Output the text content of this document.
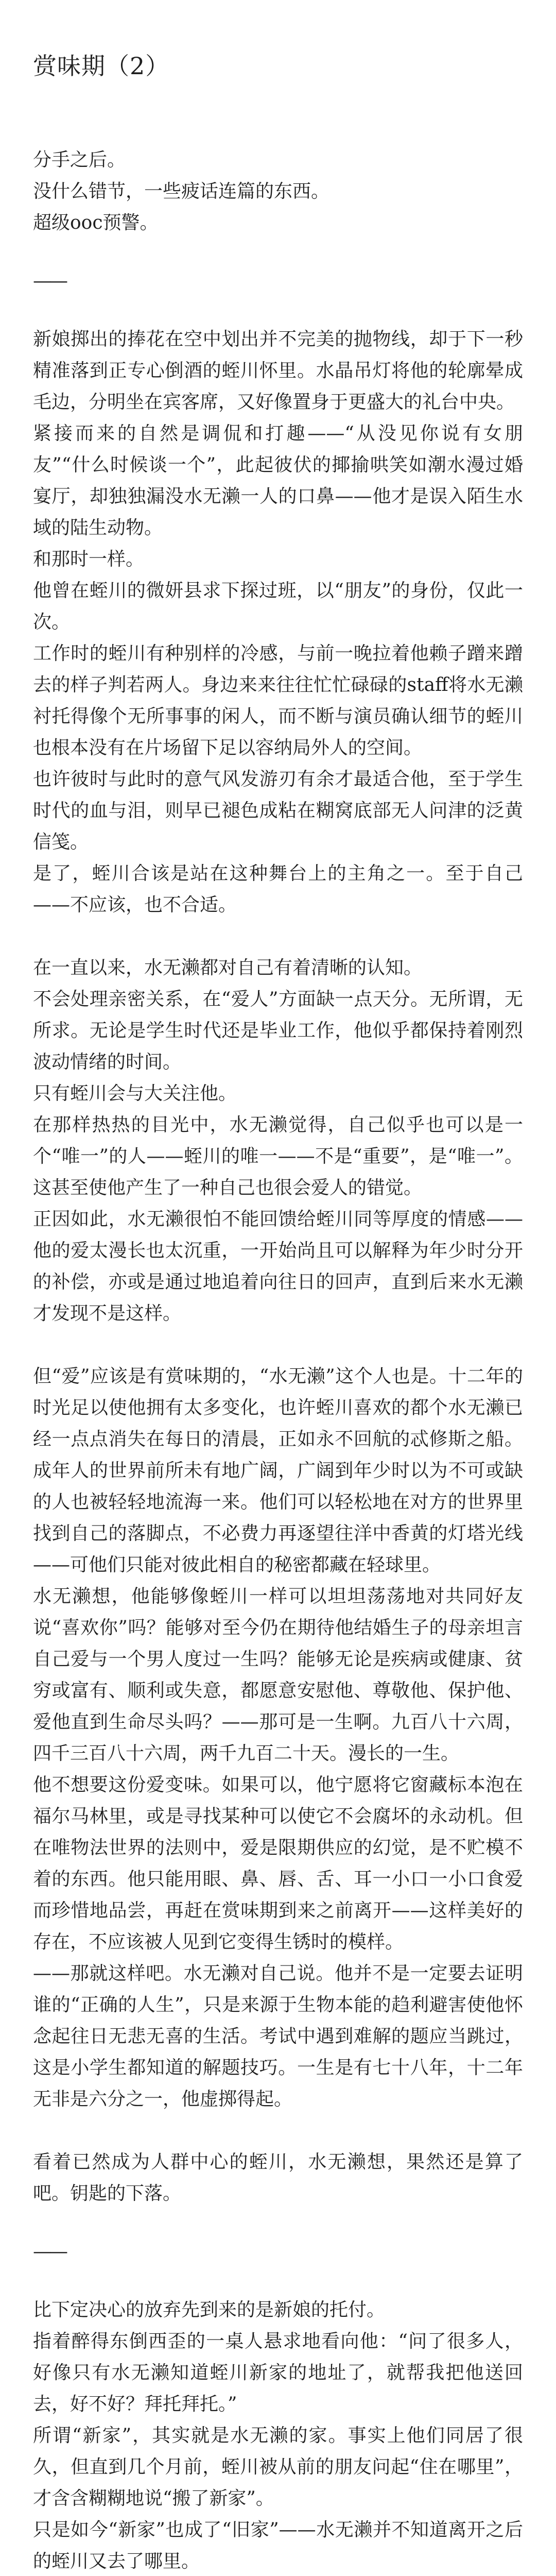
赏味期（2）

分手之后。

没什么错节，一些疲话连篇的东西。

超级ooc预警。

——

新娘掷出的捧花在空中划出并不完美的抛物线，却于下一秒精准落到正专心倒酒的蛭川怀里。水晶吊灯将他的轮廓晕成毛边，分明坐在宾客席，又好像置身于更盛大的礼台中央。

紧接而来的自然是调侃和打趣——“从没见你说有女朋友”“什么时候谈一个”，此起彼伏的揶揄哄笑如潮水漫过婚宴厅，却独独漏没水无濑一人的口鼻——他才是误入陌生水域的陆生动物。

和那时一样。

他曾在蛭川的微妍县求下探过班，以“朋友”的身份，仅此一次。

工作时的蛭川有种别样的冷感，与前一晚拉着他赖子蹭来蹭去的样子判若两人。身边来来往往忙忙碌碌的staff将水无濑衬托得像个无所事事的闲人，而不断与演员确认细节的蛭川也根本没有在片场留下足以容纳局外人的空间。

也许彼时与此时的意气风发游刃有余才最适合他，至于学生时代的血与泪，则早已褪色成粘在糊窝底部无人问津的泛黄信笺。

是了，蛭川合该是站在这种舞台上的主角之一。至于自己——不应该，也不合适。

在一直以来，水无濑都对自己有着清晰的认知。

不会处理亲密关系，在“爱人”方面缺一点天分。无所谓，无所求。无论是学生时代还是毕业工作，他似乎都保持着刚烈波动情绪的时间。

只有蛭川会与大关注他。

在那样热热的目光中，水无濑觉得，自己似乎也可以是一个“唯一”的人——蛭川的唯一——不是“重要”，是“唯一”。这甚至使他产生了一种自己也很会爱人的错觉。

正因如此，水无濑很怕不能回馈给蛭川同等厚度的情感——他的爱太漫长也太沉重，一开始尚且可以解释为年少时分开的补偿，亦或是通过地追着向往日的回声，直到后来水无濑才发现不是这样。

但“爱”应该是有赏味期的，“水无濑”这个人也是。十二年的时光足以使他拥有太多变化，也许蛭川喜欢的都个水无濑已经一点点消失在每日的清晨，正如永不回航的忒修斯之船。成年人的世界前所未有地广阔，广阔到年少时以为不可或缺的人也被轻轻地流海一来。他们可以轻松地在对方的世界里找到自己的落脚点，不必费力再逐望往洋中香黄的灯塔光线——可他们只能对彼此相自的秘密都藏在轻球里。

水无濑想，他能够像蛭川一样可以坦坦荡荡地对共同好友说“喜欢你”吗？能够对至今仍在期待他结婚生子的母亲坦言自己爱与一个男人度过一生吗？能够无论是疾病或健康、贫穷或富有、顺利或失意，都愿意安慰他、尊敬他、保护他、爱他直到生命尽头吗？——那可是一生啊。九百八十六周，四千三百八十六周，两千九百二十天。漫长的一生。

他不想要这份爱变味。如果可以，他宁愿将它窗藏标本泡在福尔马林里，或是寻找某种可以使它不会腐坏的永动机。但在唯物法世界的法则中，爱是限期供应的幻觉，是不贮模不着的东西。他只能用眼、鼻、唇、舌、耳一小口一小口食爱而珍惜地品尝，再赶在赏味期到来之前离开——这样美好的存在，不应该被人见到它变得生锈时的模样。

——那就这样吧。水无濑对自己说。他并不是一定要去证明谁的“正确的人生”，只是来源于生物本能的趋利避害使他怀念起往日无悲无喜的生活。考试中遇到难解的题应当跳过，这是小学生都知道的解题技巧。一生是有七十八年，十二年无非是六分之一，他虚掷得起。

看着已然成为人群中心的蛭川，水无濑想，果然还是算了吧。钥匙的下落。

——

比下定决心的放弃先到来的是新娘的托付。

指着醉得东倒西歪的一桌人悬求地看向他：“问了很多人，好像只有水无濑知道蛭川新家的地址了，就帮我把他送回去，好不好？拜托拜托。”

所谓“新家”，其实就是水无濑的家。事实上他们同居了很久，但直到几个月前，蛭川被从前的朋友问起“住在哪里”，才含含糊糊地说“搬了新家”。

只是如今“新家”也成了“旧家”——水无濑并不知道离开之后的蛭川又去了哪里。
